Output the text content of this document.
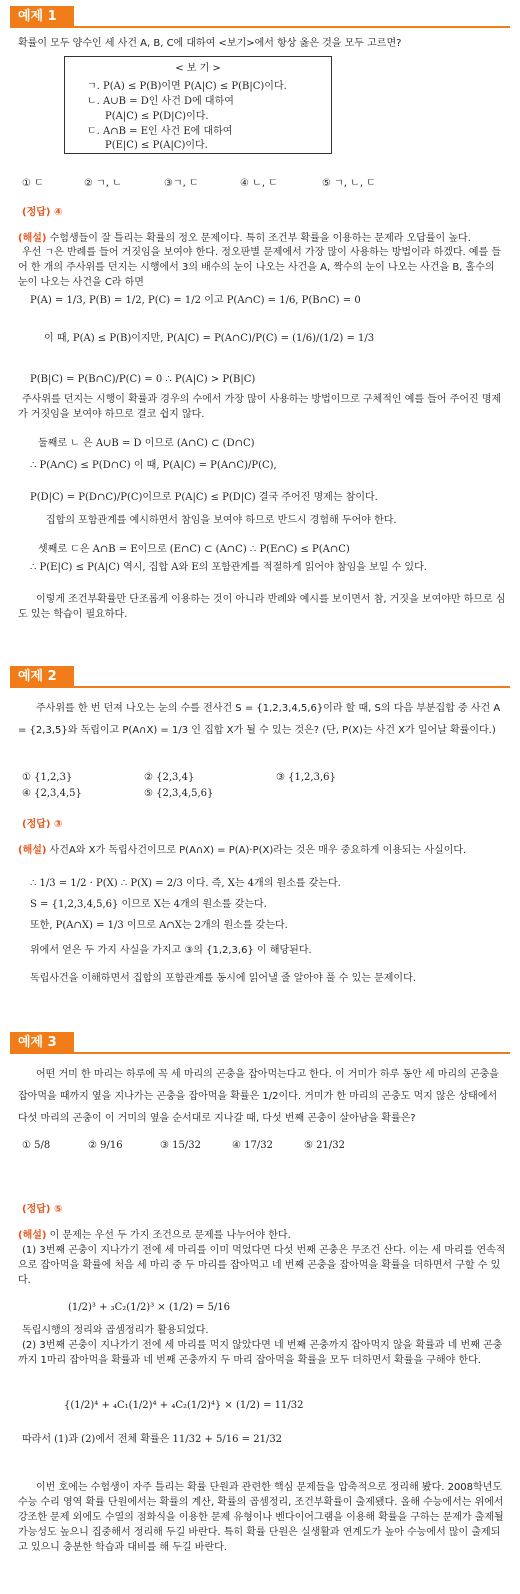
예제 1

확률이 모두 양수인 세 사건 A, B, C에 대하여 <보기>에서 항상 옳은 것을 모두 고르면?

< 보 기 >
ㄱ. P(A) ≤ P(B)이면 P(A|C) ≤ P(B|C)이다.
ㄴ. A∪B = D인 사건 D에 대하여
P(A|C) ≤ P(D|C)이다.
ㄷ. A∩B = E인 사건 E에 대하여
P(E|C) ≤ P(A|C)이다.
① ㄷ	② ㄱ, ㄴ	③ㄱ, ㄷ	④ ㄴ, ㄷ	⑤ ㄱ, ㄴ, ㄷ
(정답) ④

(해설) 수험생들이 잘 틀리는 확률의 정오 문제이다. 특히 조건부 확률을 이용하는 문제라 오답률이 높다.

우선 ㄱ은 반례를 들어 거짓임을 보여야 한다. 정오판별 문제에서 가장 많이 사용하는 방법이라 하겠다. 예를 들어 한 개의 주사위를 던지는 시행에서 3의 배수의 눈이 나오는 사건을 A, 짝수의 눈이 나오는 사건을 B, 홀수의 눈이 나오는 사건을 C라 하면

P(A) = 1/3, P(B) = 1/2, P(C) = 1/2 이고 P(A∩C) = 1/6, P(B∩C) = 0
이 때, P(A) ≤ P(B)이지만, P(A|C) = P(A∩C)/P(C) = (1/6)/(1/2) = 1/3
P(B|C) = P(B∩C)/P(C) = 0 ∴ P(A|C) > P(B|C)

주사위를 던지는 시행이 확률과 경우의 수에서 가장 많이 사용하는 방법이므로 구체적인 예를 들어 주어진 명제가 거짓임을 보여야 하므로 결코 쉽지 않다.

둘째로 ㄴ 은 A∪B = D 이므로 (A∩C) ⊂ (D∩C)
∴ P(A∩C) ≤ P(D∩C) 이 때, P(A|C) = P(A∩C)/P(C),
P(D|C) = P(D∩C)/P(C)이므로 P(A|C) ≤ P(D|C) 결국 주어진 명제는 참이다.

집합의 포함관계를 예시하면서 참임을 보여야 하므로 반드시 경험해 두어야 한다.

셋째로 ㄷ은 A∩B = E이므로 (E∩C) ⊂ (A∩C) ∴ P(E∩C) ≤ P(A∩C)
∴ P(E|C) ≤ P(A|C) 역시, 집합 A와 E의 포함관계를 적절하게 읽어야 참임을 보일 수 있다.

이렇게 조건부확률만 단조롭게 이용하는 것이 아니라 반례와 예시를 보이면서 참, 거짓을 보여야만 하므로 심도 있는 학습이 필요하다.

예제 2

주사위를 한 번 던져 나오는 눈의 수를 전사건 S = {1,2,3,4,5,6}이라 할 때, S의 다음 부분집합 중 사건 A = {2,3,5}와 독립이고 P(A∩X) = 1/3 인 집합 X가 될 수 있는 것은? (단, P(X)는 사건 X가 일어날 확률이다.)

① {1,2,3}	② {2,3,4}	③ {1,2,3,6}
④ {2,3,4,5}	⑤ {2,3,4,5,6}
(정답) ③

(해설) 사건A와 X가 독립사건이므로 P(A∩X) = P(A)·P(X)라는 것은 매우 중요하게 이용되는 사실이다.

∴ 1/3 = 1/2 · P(X) ∴ P(X) = 2/3 이다. 즉, X는 4개의 원소를 갖는다.
S = {1,2,3,4,5,6} 이므로 X는 4개의 원소를 갖는다.
또한, P(A∩X) = 1/3 이므로 A∩X는 2개의 원소를 갖는다.

위에서 얻은 두 가지 사실을 가지고 ③의 {1,2,3,6} 이 해당된다.

독립사건을 이해하면서 집합의 포함관계를 동시에 읽어낼 줄 알아야 풀 수 있는 문제이다.

예제 3

어떤 거미 한 마리는 하루에 꼭 세 마리의 곤충을 잡아먹는다고 한다. 이 거미가 하루 동안 세 마리의 곤충을 잡아먹을 때까지 옆을 지나가는 곤충을 잡아먹을 확률은 1/2이다. 거미가 한 마리의 곤충도 먹지 않은 상태에서 다섯 마리의 곤충이 이 거미의 옆을 순서대로 지나갈 때, 다섯 번째 곤충이 살아남을 확률은?

① 5/8	② 9/16	③ 15/32	④ 17/32	⑤ 21/32
(정답) ⑤

(해설) 이 문제는 우선 두 가지 조건으로 문제를 나누어야 한다.

(1) 3번째 곤충이 지나가기 전에 세 마리를 이미 먹었다면 다섯 번째 곤충은 무조건 산다. 이는 세 마리를 연속적으로 잡아먹을 확률에 처음 세 마리 중 두 마리를 잡아먹고 네 번째 곤충을 잡아먹을 확률을 더하면서 구할 수 있다.

(1/2)³ + ₃C₂(1/2)³ × (1/2) = 5/16

독립시행의 정리와 곱셈정리가 활용되었다.

(2) 3번째 곤충이 지나가기 전에 세 마리를 먹지 않았다면 네 번째 곤충까지 잡아먹지 않을 확률과 네 번째 곤충까지 1마리 잡아먹을 확률과 네 번째 곤충까지 두 마리 잡아먹을 확률을 모두 더하면서 확률을 구해야 한다.

{(1/2)⁴ + ₄C₁(1/2)⁴ + ₄C₂(1/2)⁴} × (1/2) = 11/32
따라서 (1)과 (2)에서 전체 확률은 11/32 + 5/16 = 21/32

이번 호에는 수험생이 자주 틀리는 확률 단원과 관련한 핵심 문제들을 압축적으로 정리해 봤다. 2008학년도 수능 수리 영역 확률 단원에서는 확률의 계산, 확률의 곱셈정리, 조건부확률이 출제됐다. 올해 수능에서는 위에서 강조한 문제 외에도 수열의 점화식을 이용한 문제 유형이나 벤다이어그램을 이용해 확률을 구하는 문제가 출제될 가능성도 높으니 집중해서 정리해 두길 바란다. 특히 확률 단원은 실생활과 연계도가 높아 수능에서 많이 출제되고 있으니 충분한 학습과 대비를 해 두길 바란다.
